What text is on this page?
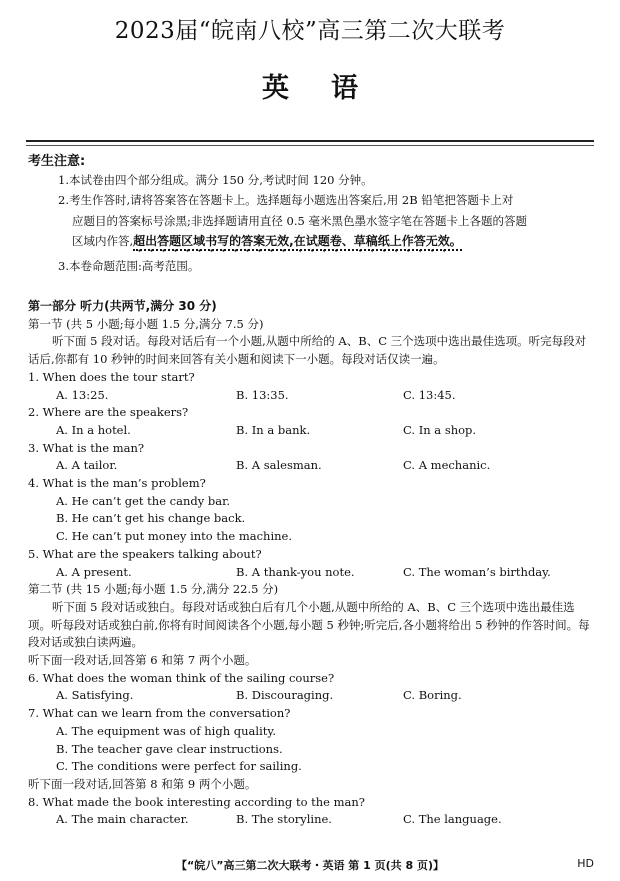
2023届“皖南八校”高三第二次大联考
英语
考生注意:
1.本试卷由四个部分组成。满分 150 分,考试时间 120 分钟。
2.考生作答时,请将答案答在答题卡上。选择题每小题选出答案后,用 2B 铅笔把答题卡上对
应题目的答案标号涂黑;非选择题请用直径 0.5 毫米黑色墨水签字笔在答题卡上各题的答题
区域内作答,超出答题区域书写的答案无效,在试题卷、草稿纸上作答无效。
3.本卷命题范围:高考范围。
第一部分 听力(共两节,满分 30 分)
第一节 (共 5 小题;每小题 1.5 分,满分 7.5 分)
听下面 5 段对话。每段对话后有一个小题,从题中所给的 A、B、C 三个选项中选出最佳选项。听完每段对话后,你都有 10 秒钟的时间来回答有关小题和阅读下一小题。每段对话仅读一遍。
1. When does the tour start?
A. 13:25.	B. 13:35.	C. 13:45.
2. Where are the speakers?
A. In a hotel.	B. In a bank.	C. In a shop.
3. What is the man?
A. A tailor.	B. A salesman.	C. A mechanic.
4. What is the man’s problem?
A. He can’t get the candy bar.
B. He can’t get his change back.
C. He can’t put money into the machine.
5. What are the speakers talking about?
A. A present.	B. A thank-you note.	C. The woman’s birthday.
第二节 (共 15 小题;每小题 1.5 分,满分 22.5 分)
听下面 5 段对话或独白。每段对话或独白后有几个小题,从题中所给的 A、B、C 三个选项中选出最佳选项。听每段对话或独白前,你将有时间阅读各个小题,每小题 5 秒钟;听完后,各小题将给出 5 秒钟的作答时间。每段对话或独白读两遍。
听下面一段对话,回答第 6 和第 7 两个小题。
6. What does the woman think of the sailing course?
A. Satisfying.	B. Discouraging.	C. Boring.
7. What can we learn from the conversation?
A. The equipment was of high quality.
B. The teacher gave clear instructions.
C. The conditions were perfect for sailing.
听下面一段对话,回答第 8 和第 9 两个小题。
8. What made the book interesting according to the man?
A. The main character.	B. The storyline.	C. The language.
【“皖八”高三第二次大联考・英语 第 1 页(共 8 页)】	HD
